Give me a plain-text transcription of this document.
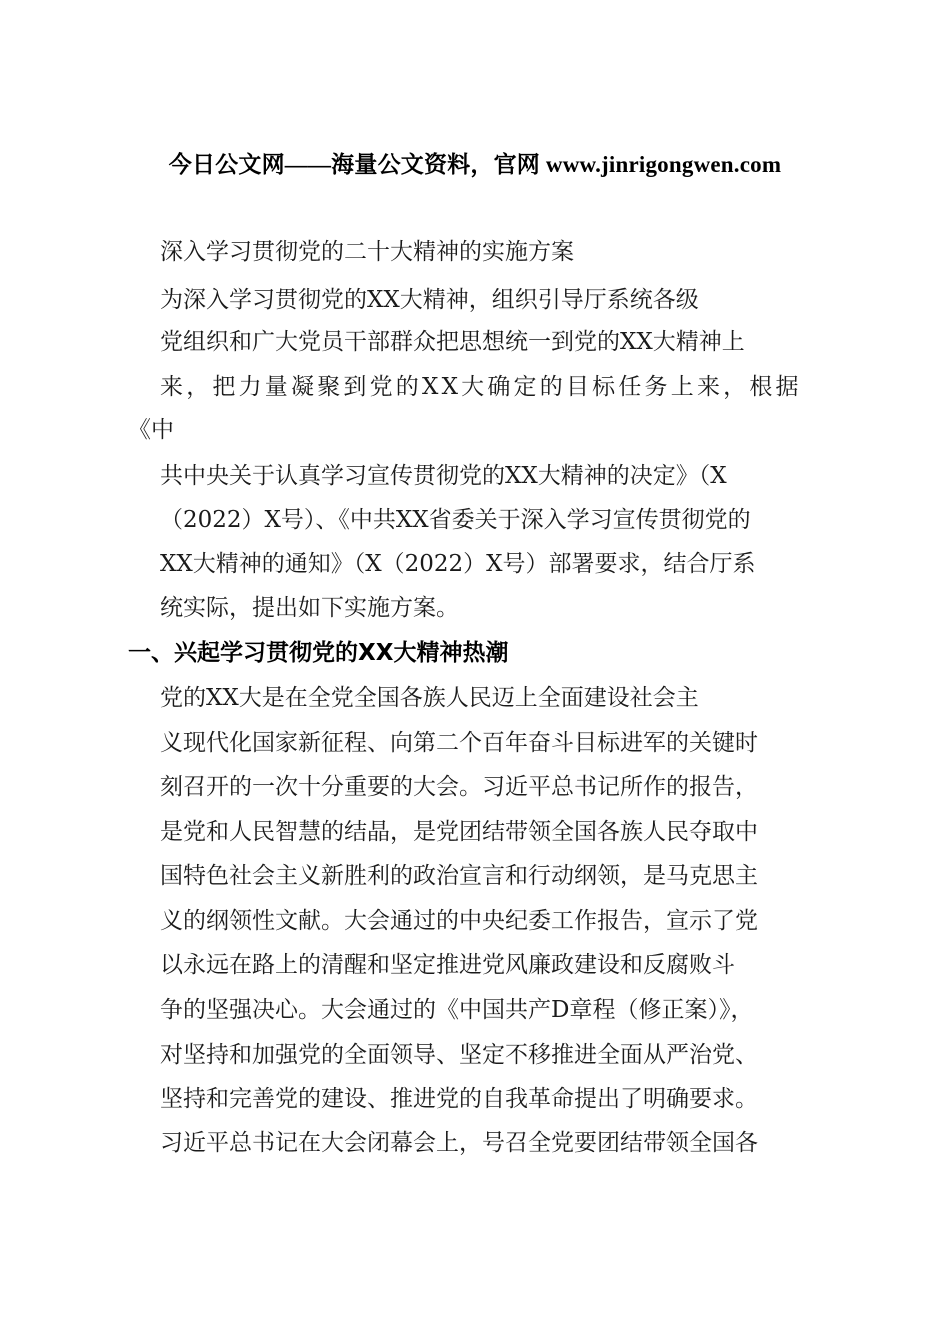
今日公文网——海量公文资料，官网 www.jinrigongwen.com
深入学习贯彻党的二十大精神的实施方案
为深入学习贯彻党的XX大精神，组织引导厅系统各级
党组织和广大党员干部群众把思想统一到党的XX大精神上
来，把力量凝聚到党的XX大确定的目标任务上来，根据
《中
共中央关于认真学习宣传贯彻党的XX大精神的决定》（X
（2022）X号）、《中共XX省委关于深入学习宣传贯彻党的
XX大精神的通知》（X（2022）X号）部署要求，结合厅系
统实际，提出如下实施方案。
一、兴起学习贯彻党的XX大精神热潮
党的XX大是在全党全国各族人民迈上全面建设社会主
义现代化国家新征程、向第二个百年奋斗目标进军的关键时
刻召开的一次十分重要的大会。习近平总书记所作的报告，
是党和人民智慧的结晶，是党团结带领全国各族人民夺取中
国特色社会主义新胜利的政治宣言和行动纲领，是马克思主
义的纲领性文献。大会通过的中央纪委工作报告，宣示了党
以永远在路上的清醒和坚定推进党风廉政建设和反腐败斗
争的坚强决心。大会通过的《中国共产D章程（修正案）》，
对坚持和加强党的全面领导、坚定不移推进全面从严治党、
坚持和完善党的建设、推进党的自我革命提出了明确要求。
习近平总书记在大会闭幕会上，号召全党要团结带领全国各
